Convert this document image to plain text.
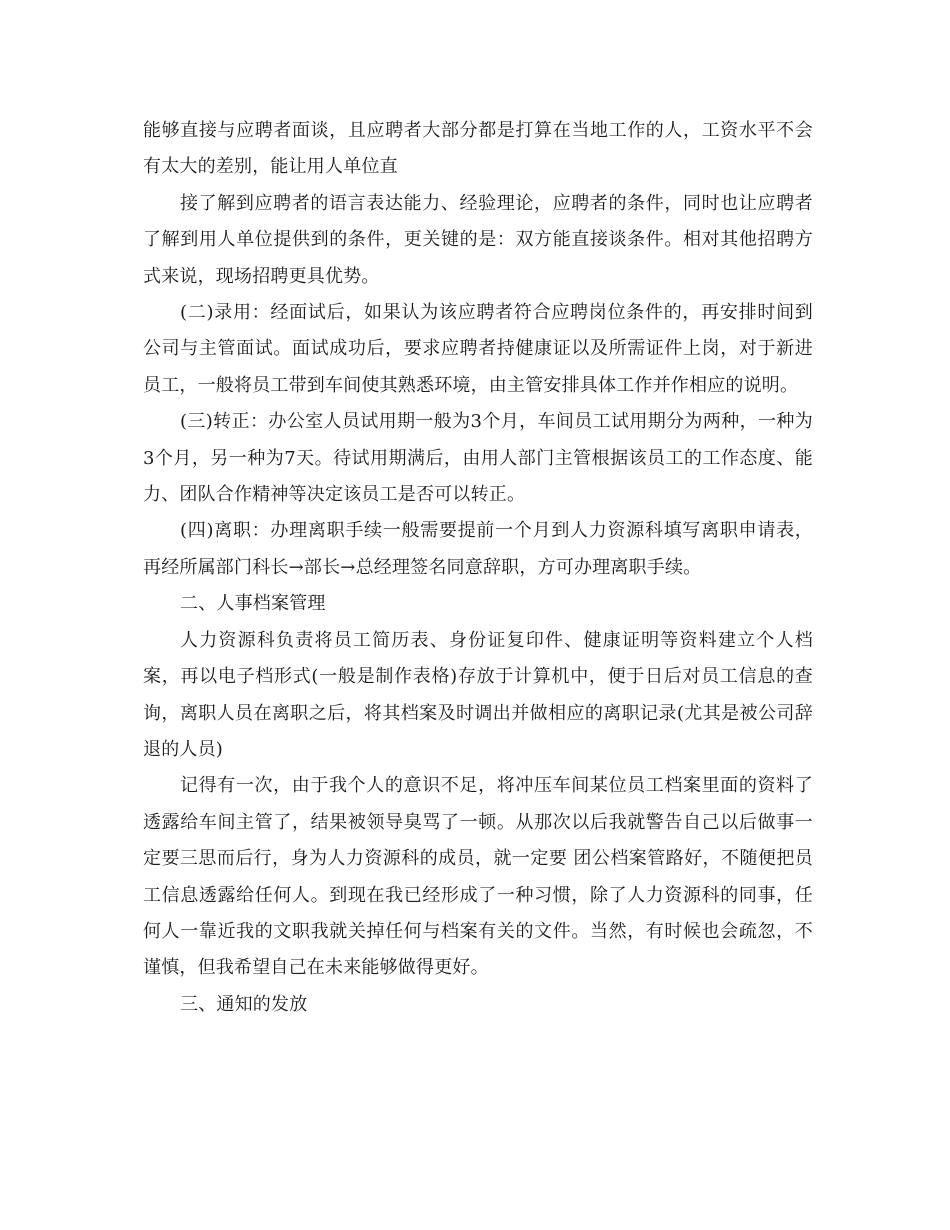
能够直接与应聘者面谈，且应聘者大部分都是打算在当地工作的人，工资水平不会有太大的差别，能让用人单位直

接了解到应聘者的语言表达能力、经验理论，应聘者的条件，同时也让应聘者了解到用人单位提供到的条件，更关键的是：双方能直接谈条件。相对其他招聘方式来说，现场招聘更具优势。

(二)录用：经面试后，如果认为该应聘者符合应聘岗位条件的，再安排时间到公司与主管面试。面试成功后，要求应聘者持健康证以及所需证件上岗，对于新进员工，一般将员工带到车间使其熟悉环境，由主管安排具体工作并作相应的说明。

(三)转正：办公室人员试用期一般为3个月，车间员工试用期分为两种，一种为3个月，另一种为7天。待试用期满后，由用人部门主管根据该员工的工作态度、能力、团队合作精神等决定该员工是否可以转正。

(四)离职：办理离职手续一般需要提前一个月到人力资源科填写离职申请表，再经所属部门科长→部长→总经理签名同意辞职，方可办理离职手续。

二、人事档案管理

人力资源科负责将员工简历表、身份证复印件、健康证明等资料建立个人档案，再以电子档形式(一般是制作表格)存放于计算机中，便于日后对员工信息的查询，离职人员在离职之后，将其档案及时调出并做相应的离职记录(尤其是被公司辞退的人员)

记得有一次，由于我个人的意识不足，将冲压车间某位员工档案里面的资料了透露给车间主管了，结果被领导臭骂了一顿。从那次以后我就警告自己以后做事一定要三思而后行，身为人力资源科的成员，就一定要 团公档案管路好，不随便把员工信息透露给任何人。到现在我已经形成了一种习惯，除了人力资源科的同事，任何人一靠近我的文职我就关掉任何与档案有关的文件。当然，有时候也会疏忽，不谨慎，但我希望自己在未来能够做得更好。

三、通知的发放
